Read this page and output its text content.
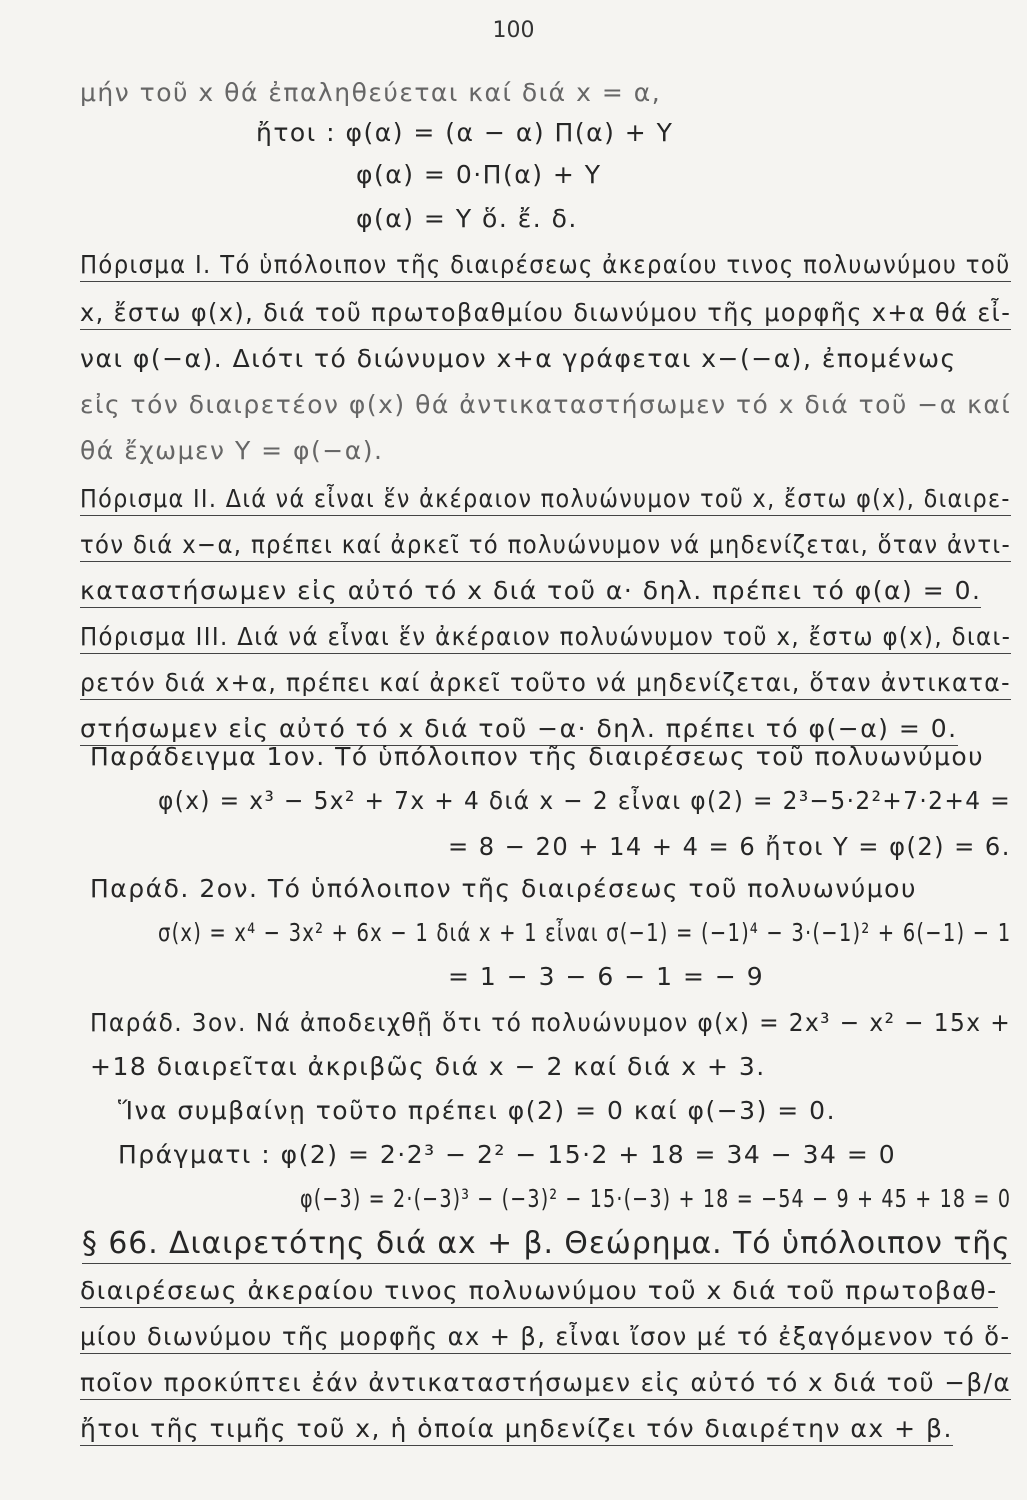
100
μήν τοῦ x θά ἐπαληθεύεται καί διά x = α,
ἤτοι : φ(α) = (α − α) Π(α) + Υ
φ(α) = 0·Π(α) + Υ
φ(α) = Υ ὅ. ἔ. δ.
Πόρισμα I. Τό ὑπόλοιπον τῆς διαιρέσεως ἀκεραίου τινος πολυωνύμου τοῦ
x, ἔστω φ(x), διά τοῦ πρωτοβαθμίου διωνύμου τῆς μορφῆς x+α θά εἶ-
ναι φ(−α). Διότι τό διώνυμον x+α γράφεται x−(−α), ἐπομένως
εἰς τόν διαιρετέον φ(x) θά ἀντικαταστήσωμεν τό x διά τοῦ −α καί
θά ἔχωμεν Υ = φ(−α).
Πόρισμα II. Διά νά εἶναι ἕν ἀκέραιον πολυώνυμον τοῦ x, ἔστω φ(x), διαιρε-
τόν διά x−α, πρέπει καί ἀρκεῖ τό πολυώνυμον νά μηδενίζεται, ὅταν ἀντι-
καταστήσωμεν εἰς αὐτό τό x διά τοῦ α· δηλ. πρέπει τό φ(α) = 0.
Πόρισμα III. Διά νά εἶναι ἕν ἀκέραιον πολυώνυμον τοῦ x, ἔστω φ(x), διαι-
ρετόν διά x+α, πρέπει καί ἀρκεῖ τοῦτο νά μηδενίζεται, ὅταν ἀντικατα-
στήσωμεν εἰς αὐτό τό x διά τοῦ −α· δηλ. πρέπει τό φ(−α) = 0.
Παράδειγμα 1ον. Τό ὑπόλοιπον τῆς διαιρέσεως τοῦ πολυωνύμου
φ(x) = x³ − 5x² + 7x + 4 διά x − 2 εἶναι φ(2) = 2³−5·2²+7·2+4 =
= 8 − 20 + 14 + 4 = 6 ἤτοι Υ = φ(2) = 6.
Παράδ. 2ον. Τό ὑπόλοιπον τῆς διαιρέσεως τοῦ πολυωνύμου
σ(x) = x⁴ − 3x² + 6x − 1 διά x + 1 εἶναι σ(−1) = (−1)⁴ − 3·(−1)² + 6(−1) − 1
= 1 − 3 − 6 − 1 = − 9
Παράδ. 3ον. Νά ἀποδειχθῇ ὅτι τό πολυώνυμον φ(x) = 2x³ − x² − 15x +
+18 διαιρεῖται ἀκριβῶς διά x − 2 καί διά x + 3.
Ἵνα συμβαίνῃ τοῦτο πρέπει φ(2) = 0 καί φ(−3) = 0.
Πράγματι : φ(2) = 2·2³ − 2² − 15·2 + 18 = 34 − 34 = 0
φ(−3) = 2·(−3)³ − (−3)² − 15·(−3) + 18 = −54 − 9 + 45 + 18 = 0
§ 66. Διαιρετότης διά αx + β. Θεώρημα. Τό ὑπόλοιπον τῆς
διαιρέσεως ἀκεραίου τινος πολυωνύμου τοῦ x διά τοῦ πρωτοβαθ-
μίου διωνύμου τῆς μορφῆς αx + β, εἶναι ἴσον μέ τό ἐξαγόμενον τό ὅ-
ποῖον προκύπτει ἐάν ἀντικαταστήσωμεν εἰς αὐτό τό x διά τοῦ −β/α
ἤτοι τῆς τιμῆς τοῦ x, ἡ ὁποία μηδενίζει τόν διαιρέτην αx + β.
